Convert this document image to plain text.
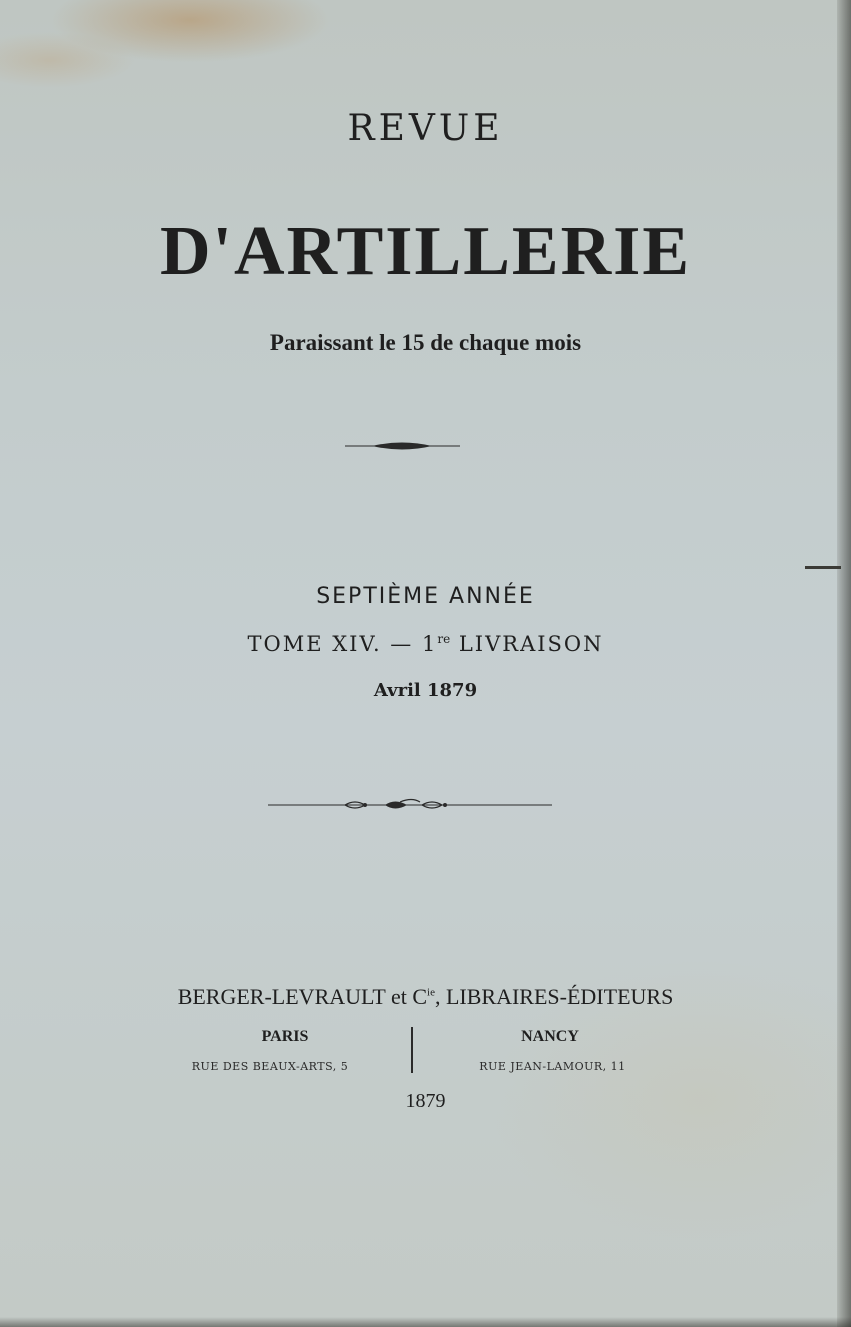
REVUE
D'ARTILLERIE
Paraissant le 15 de chaque mois
SEPTIÈME ANNÉE
TOME XIV. — 1re LIVRAISON
Avril 1879
BERGER-LEVRAULT et $C^{ie}$, LIBRAIRES-ÉDITEURS
PARIS
RUE DES BEAUX-ARTS, 5
NANCY
RUE JEAN-LAMOUR, 11
1879
